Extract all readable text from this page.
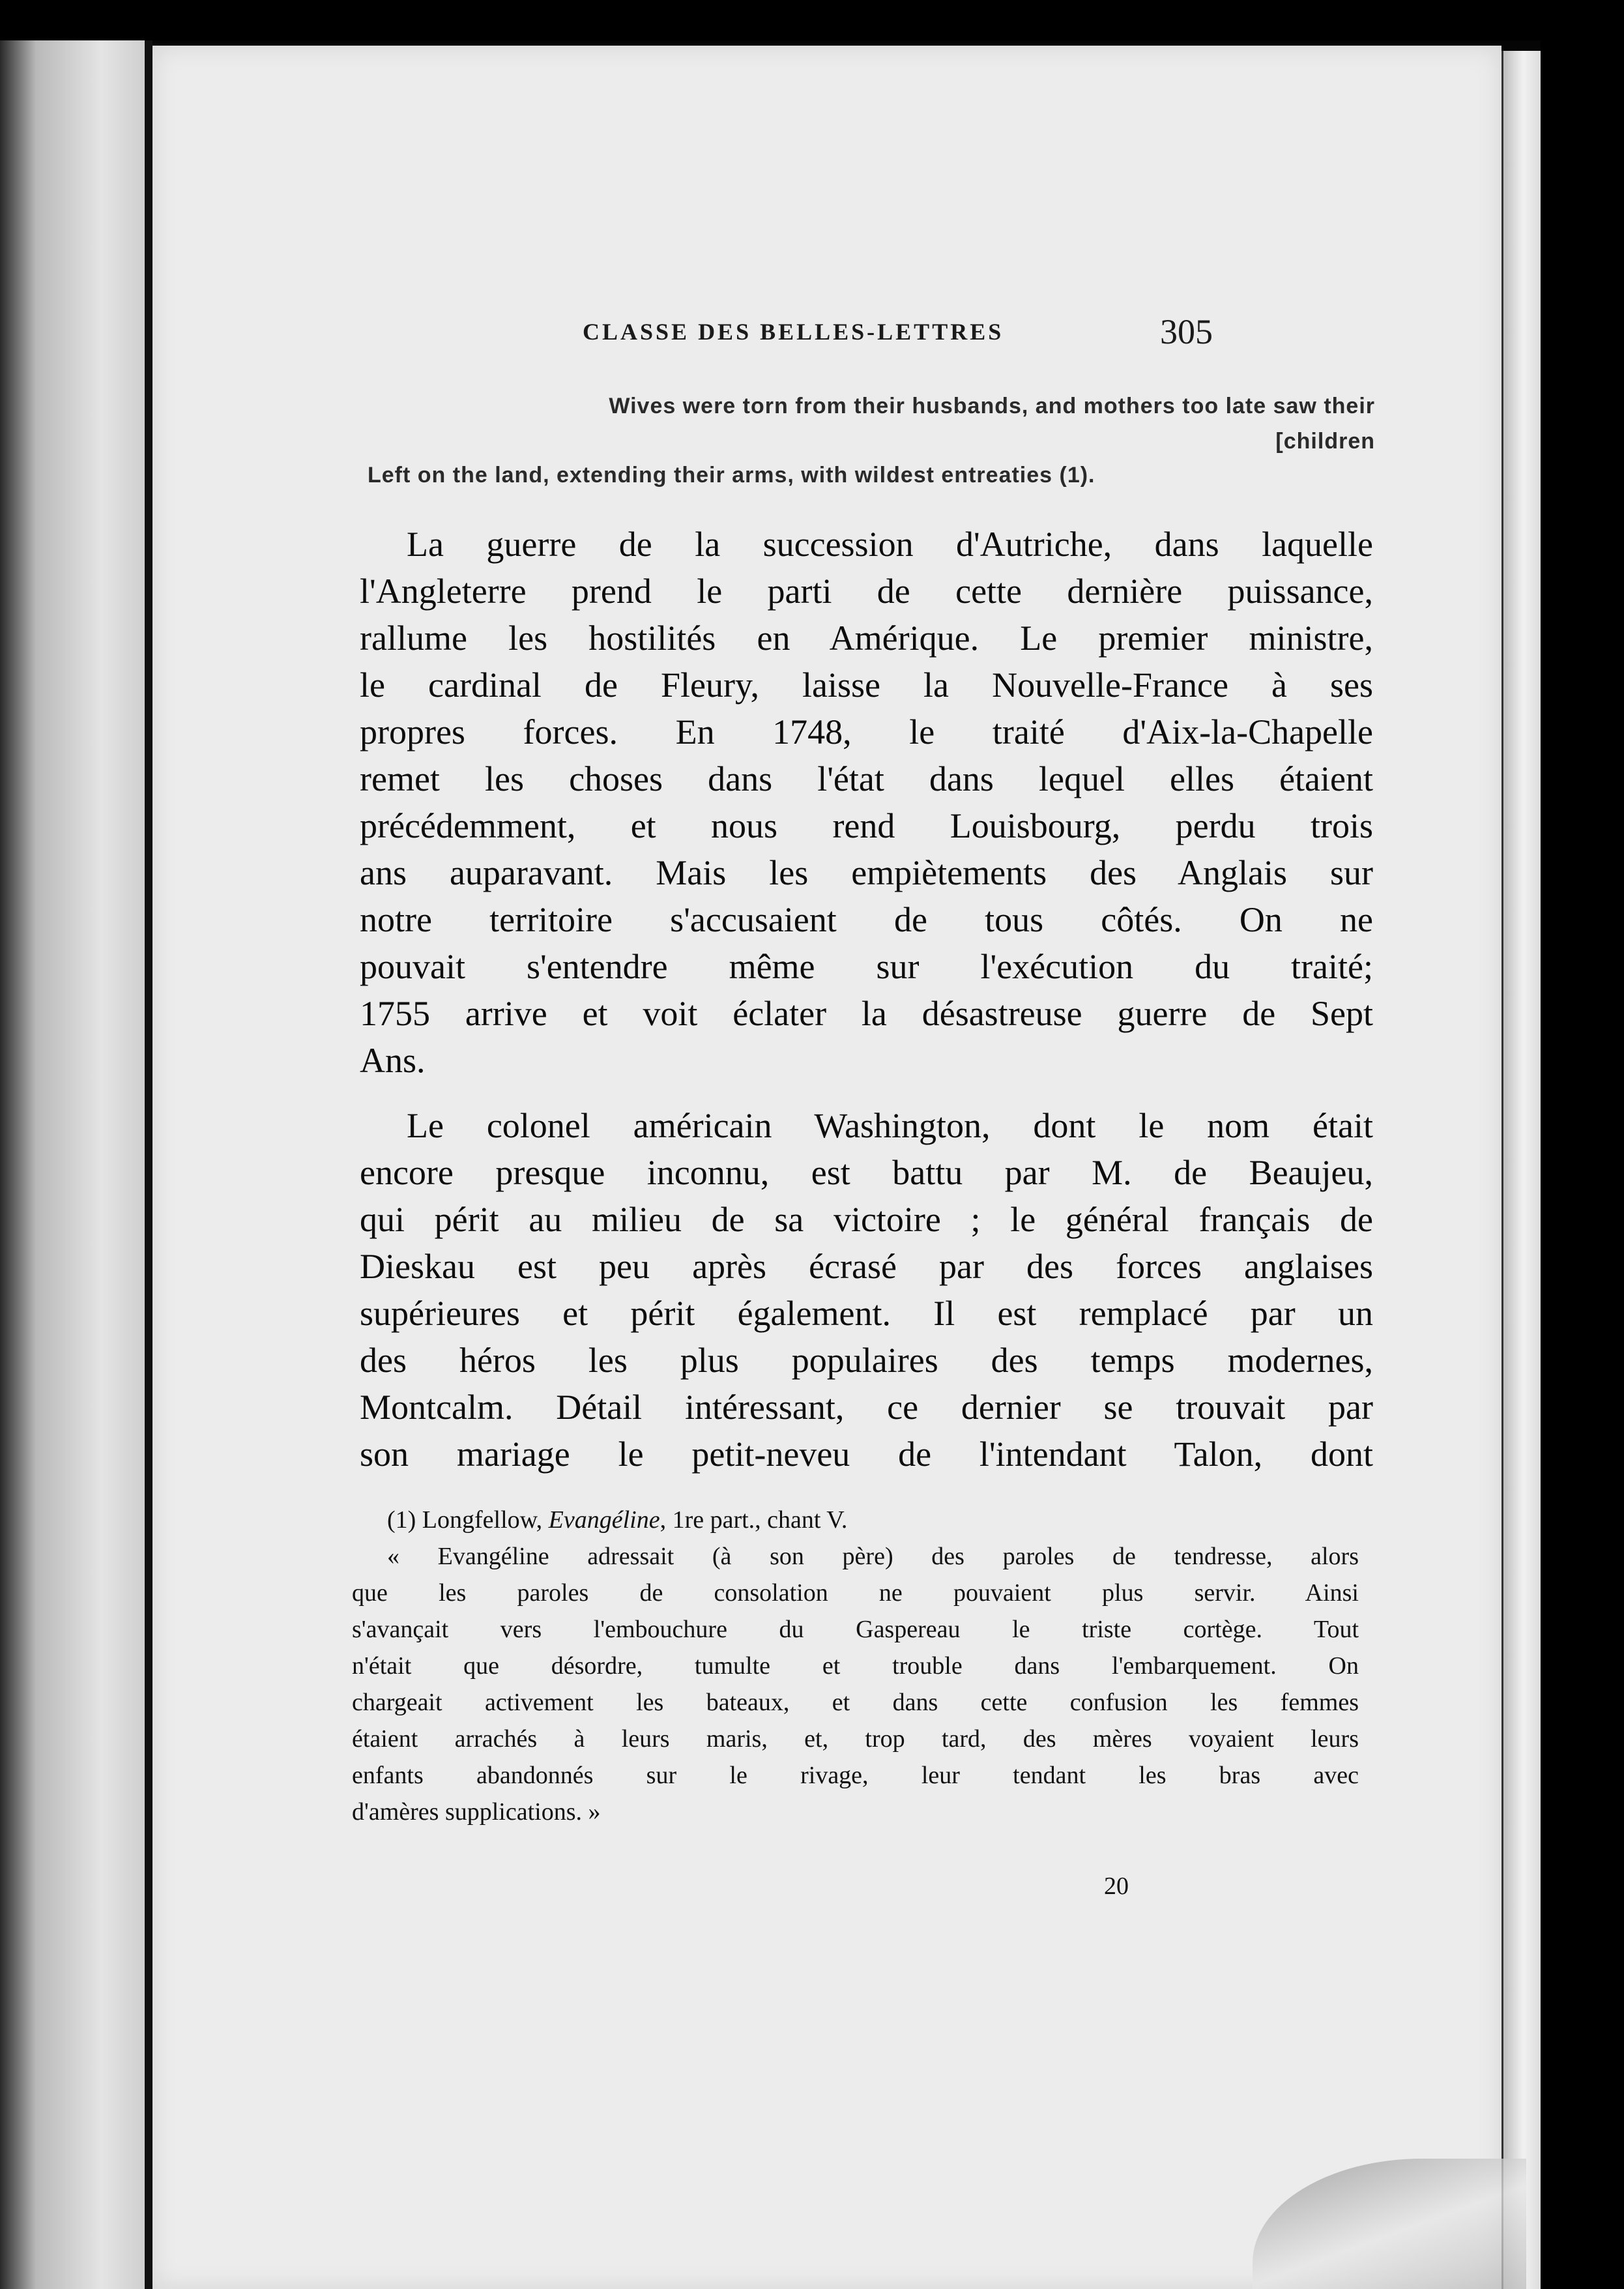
CLASSE DES BELLES-LETTRES	305
Wives were torn from their husbands, and mothers too late saw their
[children
Left on the land, extending their arms, with wildest entreaties (1).
La guerre de la succession d'Autriche, dans laquelle
l'Angleterre prend le parti de cette dernière puissance,
rallume les hostilités en Amérique. Le premier ministre,
le cardinal de Fleury, laisse la Nouvelle-France à ses
propres forces. En 1748, le traité d'Aix-la-Chapelle
remet les choses dans l'état dans lequel elles étaient
précédemment, et nous rend Louisbourg, perdu trois
ans auparavant. Mais les empiètements des Anglais sur
notre territoire s'accusaient de tous côtés. On ne
pouvait s'entendre même sur l'exécution du traité;
1755 arrive et voit éclater la désastreuse guerre de Sept
Ans.
Le colonel américain Washington, dont le nom était
encore presque inconnu, est battu par M. de Beaujeu,
qui périt au milieu de sa victoire ; le général français de
Dieskau est peu après écrasé par des forces anglaises
supérieures et périt également. Il est remplacé par un
des héros les plus populaires des temps modernes,
Montcalm. Détail intéressant, ce dernier se trouvait par
son mariage le petit-neveu de l'intendant Talon, dont
(1) Longfellow, Evangéline, 1re part., chant V.
« Evangéline adressait (à son père) des paroles de tendresse, alors
que les paroles de consolation ne pouvaient plus servir. Ainsi
s'avançait vers l'embouchure du Gaspereau le triste cortège. Tout
n'était que désordre, tumulte et trouble dans l'embarquement. On
chargeait activement les bateaux, et dans cette confusion les femmes
étaient arrachés à leurs maris, et, trop tard, des mères voyaient leurs
enfants abandonnés sur le rivage, leur tendant les bras avec
d'amères supplications. »
20
